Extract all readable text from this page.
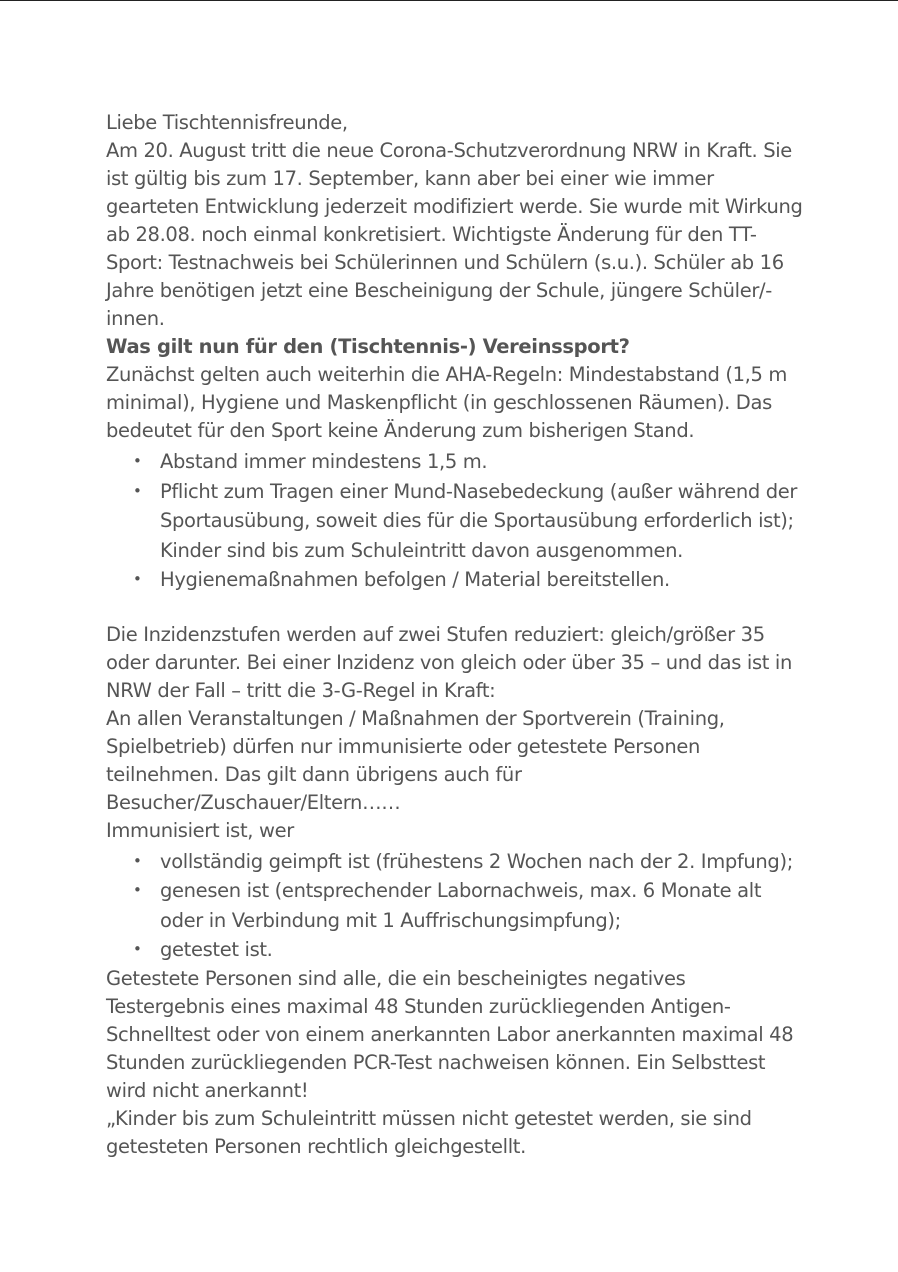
Liebe Tischtennisfreunde,

Am 20. August tritt die neue Corona-Schutzverordnung NRW in Kraft. Sie ist gültig bis zum 17. September, kann aber bei einer wie immer gearteten Entwicklung jederzeit modifiziert werde. Sie wurde mit Wirkung ab 28.08. noch einmal konkretisiert. Wichtigste Änderung für den TT-Sport: Testnachweis bei Schülerinnen und Schülern (s.u.). Schüler ab 16 Jahre benötigen jetzt eine Bescheinigung der Schule, jüngere Schüler/-innen.

Was gilt nun für den (Tischtennis-) Vereinssport?

Zunächst gelten auch weiterhin die AHA-Regeln: Mindestabstand (1,5 m minimal), Hygiene und Maskenpflicht (in geschlossenen Räumen). Das bedeutet für den Sport keine Änderung zum bisherigen Stand.

• Abstand immer mindestens 1,5 m.
• Pflicht zum Tragen einer Mund-Nasebedeckung (außer während der Sportausübung, soweit dies für die Sportausübung erforderlich ist); Kinder sind bis zum Schuleintritt davon ausgenommen.
• Hygienemaßnahmen befolgen / Material bereitstellen.

Die Inzidenzstufen werden auf zwei Stufen reduziert: gleich/größer 35 oder darunter. Bei einer Inzidenz von gleich oder über 35 – und das ist in NRW der Fall – tritt die 3-G-Regel in Kraft:

An allen Veranstaltungen / Maßnahmen der Sportverein (Training, Spielbetrieb) dürfen nur immunisierte oder getestete Personen teilnehmen. Das gilt dann übrigens auch für Besucher/Zuschauer/Eltern……

Immunisiert ist, wer

• vollständig geimpft ist (frühestens 2 Wochen nach der 2. Impfung);
• genesen ist (entsprechender Labornachweis, max. 6 Monate alt oder in Verbindung mit 1 Auffrischungsimpfung);
• getestet ist.

Getestete Personen sind alle, die ein bescheinigtes negatives Testergebnis eines maximal 48 Stunden zurückliegenden Antigen-Schnelltest oder von einem anerkannten Labor anerkannten maximal 48 Stunden zurückliegenden PCR-Test nachweisen können. Ein Selbsttest wird nicht anerkannt!

„Kinder bis zum Schuleintritt müssen nicht getestet werden, sie sind getesteten Personen rechtlich gleichgestellt.
